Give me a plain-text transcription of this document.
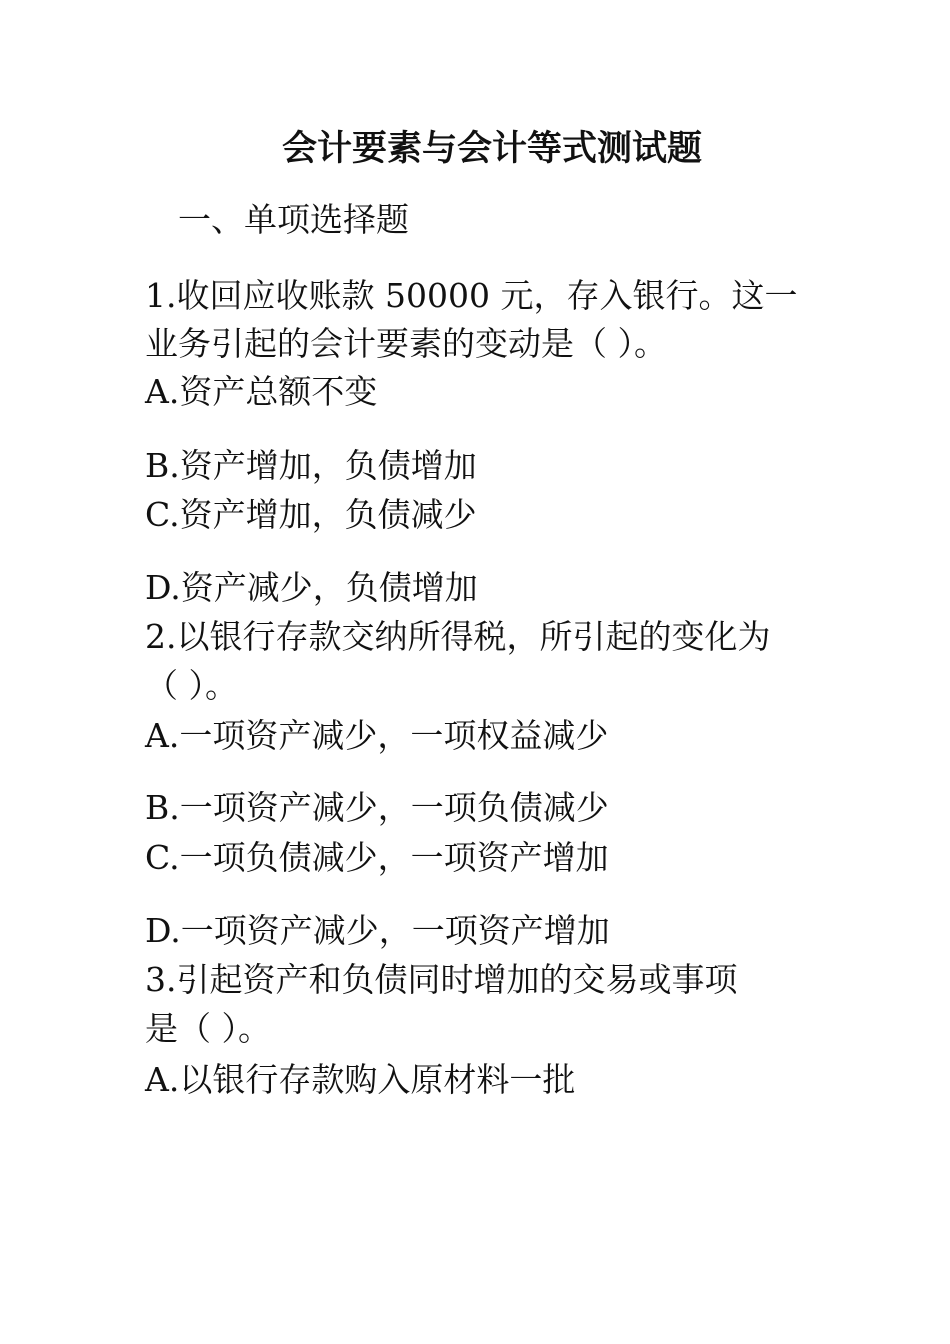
会计要素与会计等式测试题

一、单项选择题

1.收回应收账款 50000 元，存入银行。这一

业务引起的会计要素的变动是（ ）。

A.资产总额不变

B.资产增加，负债增加

C.资产增加，负债减少

D.资产减少，负债增加

2.以银行存款交纳所得税，所引起的变化为

（ ）。

A.一项资产减少，一项权益减少

B.一项资产减少，一项负债减少

C.一项负债减少，一项资产增加

D.一项资产减少，一项资产增加

3.引起资产和负债同时增加的交易或事项

是（ ）。

A.以银行存款购入原材料一批
